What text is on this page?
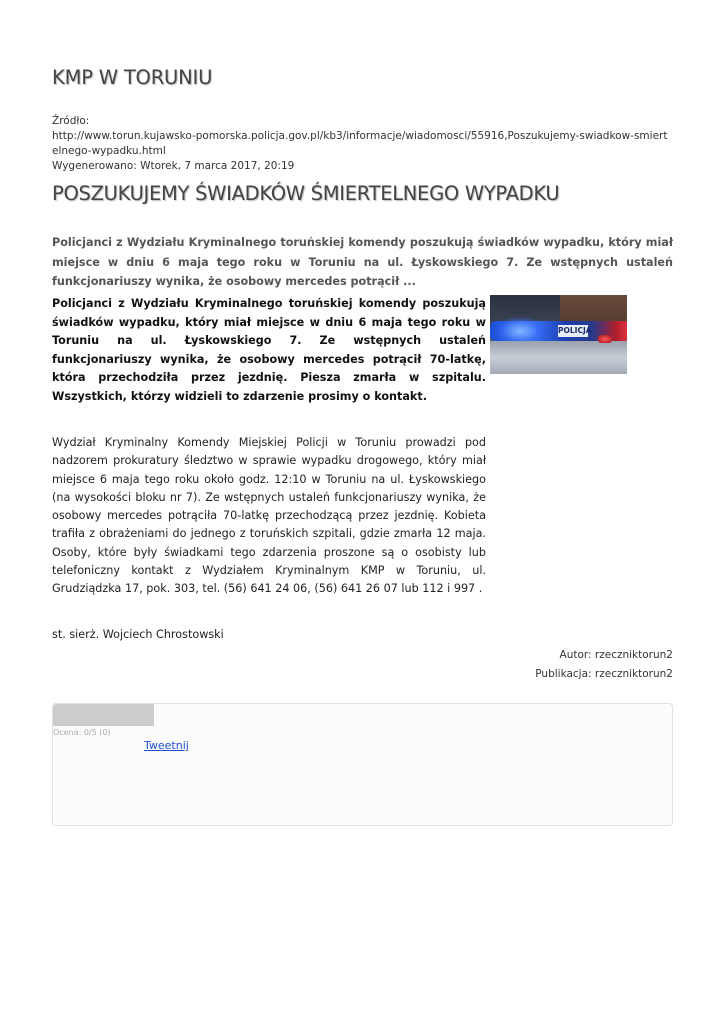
KMP W TORUNIU
Źródło:
http://www.torun.kujawsko-pomorska.policja.gov.pl/kb3/informacje/wiadomosci/55916,Poszukujemy-swiadkow-smiertelnego-wypadku.html
Wygenerowano: Wtorek, 7 marca 2017, 20:19
POSZUKUJEMY ŚWIADKÓW ŚMIERTELNEGO WYPADKU

Policjanci z Wydziału Kryminalnego toruńskiej komendy poszukują świadków wypadku, który miał miejsce w dniu 6 maja tego roku w Toruniu na ul. Łyskowskiego 7. Ze wstępnych ustaleń funkcjonariuszy wynika, że osobowy mercedes potrącił ...

Policjanci z Wydziału Kryminalnego toruńskiej komendy poszukują świadków wypadku, który miał miejsce w dniu 6 maja tego roku w Toruniu na ul. Łyskowskiego 7. Ze wstępnych ustaleń funkcjonariuszy wynika, że osobowy mercedes potrącił 70-latkę, która przechodziła przez jezdnię. Piesza zmarła w szpitalu. Wszystkich, którzy widzieli to zdarzenie prosimy o kontakt.

POLICJA

Wydział Kryminalny Komendy Miejskiej Policji w Toruniu prowadzi pod nadzorem prokuratury śledztwo w sprawie wypadku drogowego, który miał miejsce 6 maja tego roku około godz. 12:10 w Toruniu na ul. Łyskowskiego (na wysokości bloku nr 7). Ze wstępnych ustaleń funkcjonariuszy wynika, że osobowy mercedes potrąciła 70-latkę przechodzącą przez jezdnię. Kobieta trafiła z obrażeniami do jednego z toruńskich szpitali, gdzie zmarła 12 maja. Osoby, które były świadkami tego zdarzenia proszone są o osobisty lub telefoniczny kontakt z Wydziałem Kryminalnym KMP w Toruniu, ul. Grudziądzka 17, pok. 303, tel. (56) 641 24 06, (56) 641 26 07 lub 112 i 997 .

st. sierż. Wojciech Chrostowski

Autor: rzeczniktorun2
Publikacja: rzeczniktorun2
Ocena: 0/5 (0)
Tweetnij
